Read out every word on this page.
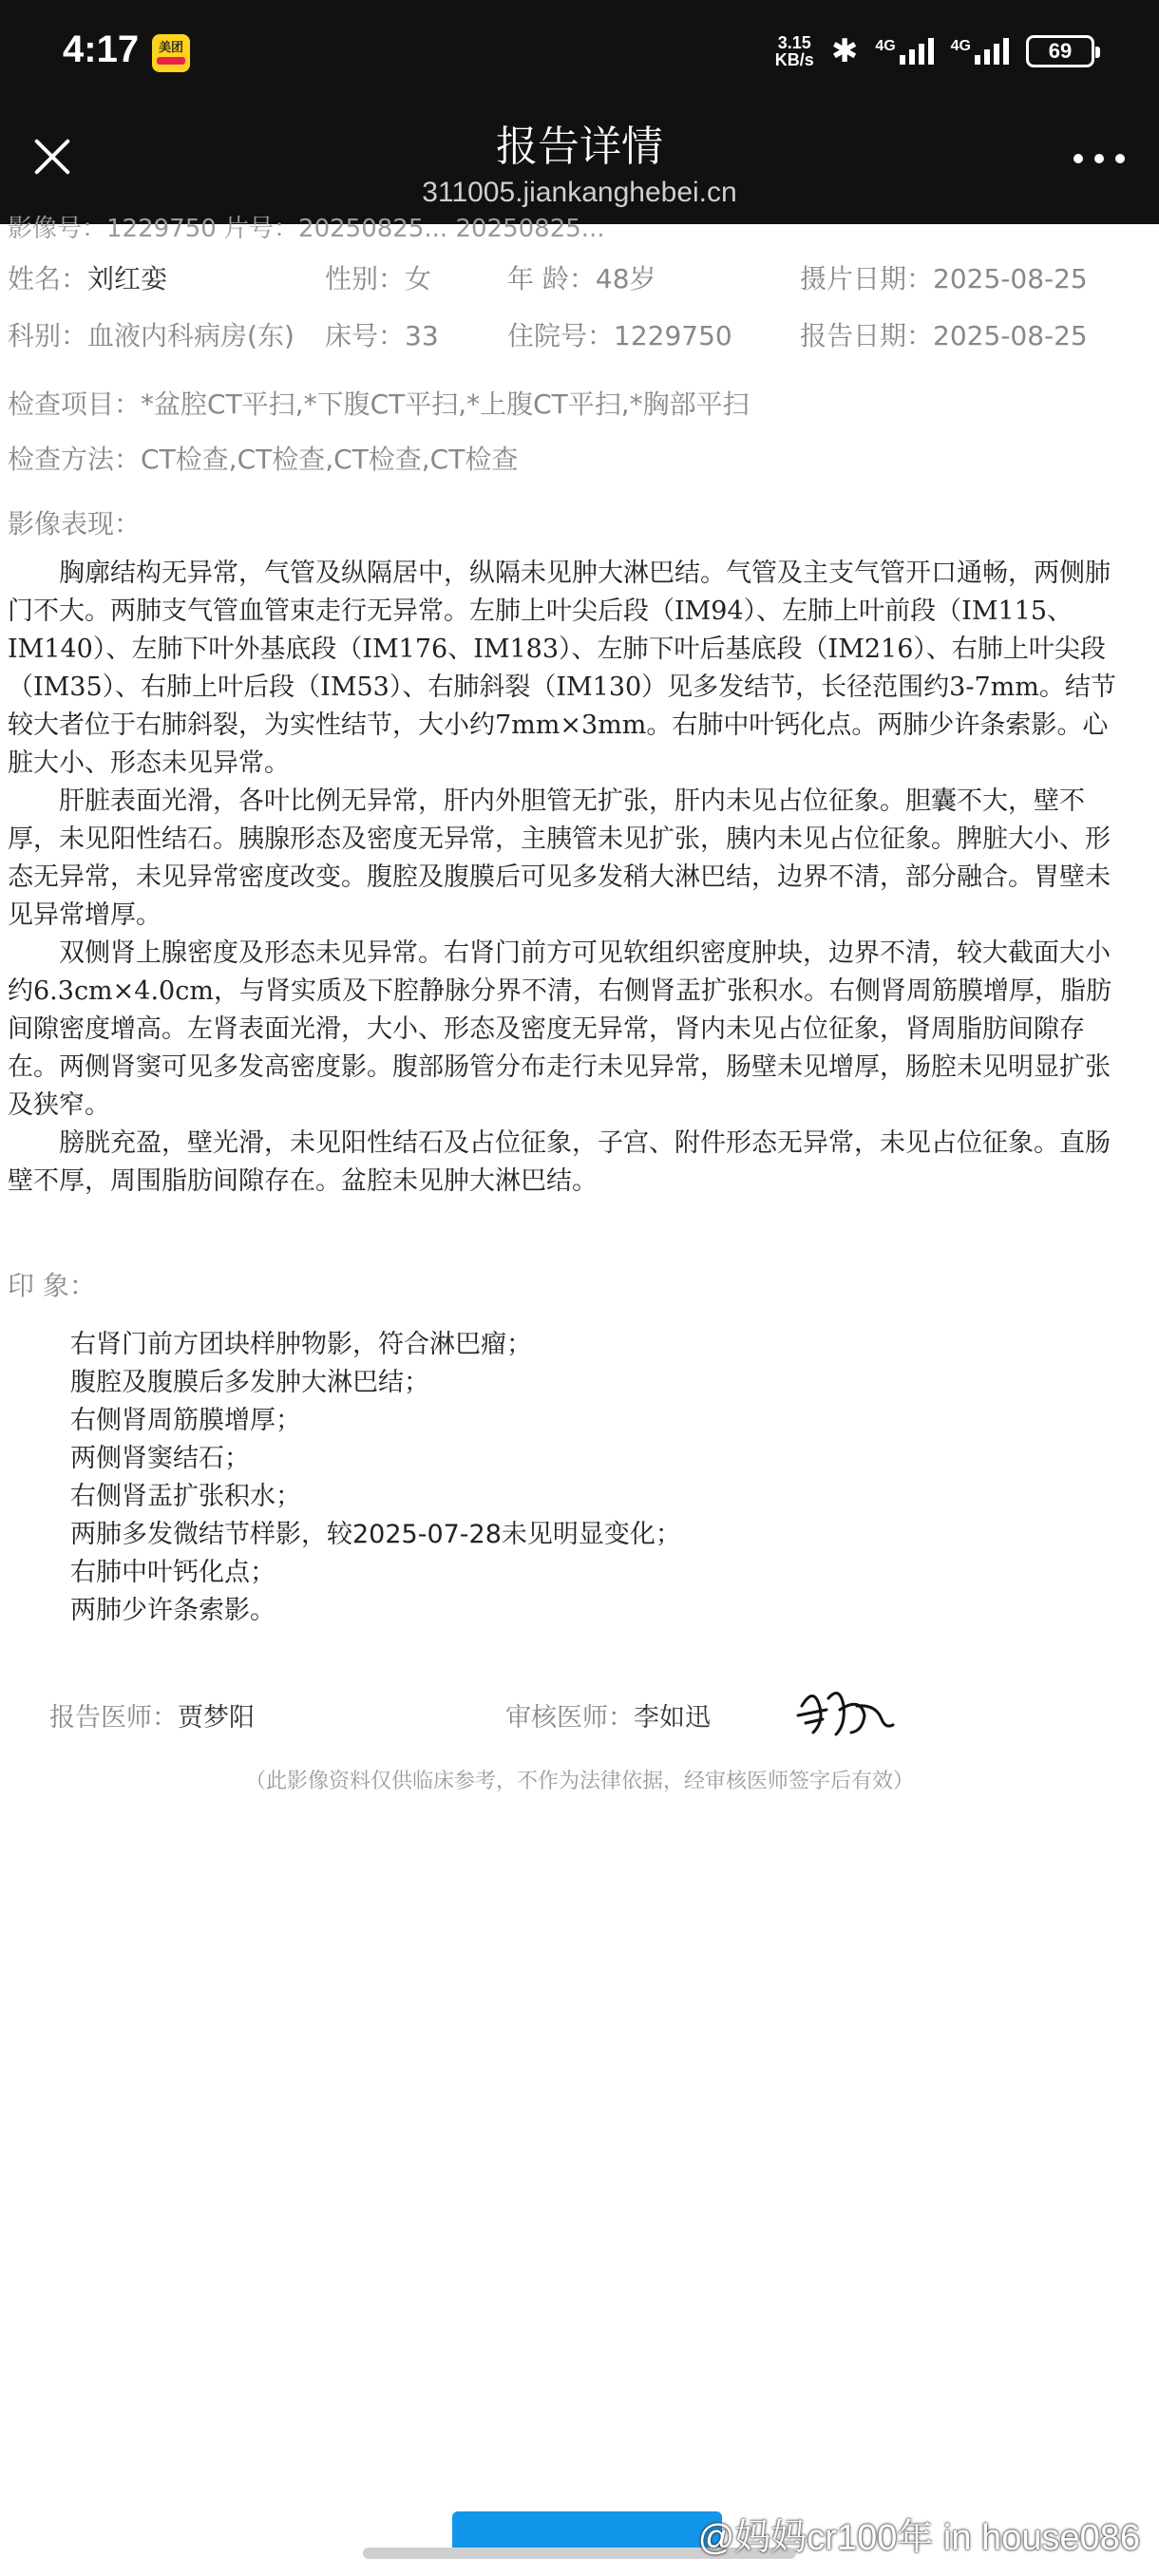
4:17 美团	3.15
KB/s ✱ 4G	4G	69
报告详情
311005.jiankanghebei.cn
影像号：1229750 片号：20250825... 20250825...
姓名：刘红娈	性别：女	年 龄：48岁	摄片日期：2025-08-25
科别：血液内科病房(东) 床号：33	住院号：1229750	报告日期：2025-08-25
检查项目：*盆腔CT平扫,*下腹CT平扫,*上腹CT平扫,*胸部平扫
检查方法：CT检查,CT检查,CT检查,CT检查
影像表现：

胸廓结构无异常，气管及纵隔居中，纵隔未见肿大淋巴结。气管及主支气管开口通畅，两侧肺门不大。两肺支气管血管束走行无异常。左肺上叶尖后段（IM94）、左肺上叶前段（IM115、IM140）、左肺下叶外基底段（IM176、IM183）、左肺下叶后基底段（IM216）、右肺上叶尖段（IM35）、右肺上叶后段（IM53）、右肺斜裂（IM130）见多发结节，长径范围约3-7mm。结节较大者位于右肺斜裂，为实性结节，大小约7mm×3mm。右肺中叶钙化点。两肺少许条索影。心脏大小、形态未见异常。

肝脏表面光滑，各叶比例无异常，肝内外胆管无扩张，肝内未见占位征象。胆囊不大，壁不厚，未见阳性结石。胰腺形态及密度无异常，主胰管未见扩张，胰内未见占位征象。脾脏大小、形态无异常，未见异常密度改变。腹腔及腹膜后可见多发稍大淋巴结，边界不清，部分融合。胃壁未见异常增厚。

双侧肾上腺密度及形态未见异常。右肾门前方可见软组织密度肿块，边界不清，较大截面大小约6.3cm×4.0cm，与肾实质及下腔静脉分界不清，右侧肾盂扩张积水。右侧肾周筋膜增厚，脂肪间隙密度增高。左肾表面光滑，大小、形态及密度无异常，肾内未见占位征象，肾周脂肪间隙存在。两侧肾窦可见多发高密度影。腹部肠管分布走行未见异常，肠壁未见增厚，肠腔未见明显扩张及狭窄。

膀胱充盈，壁光滑，未见阳性结石及占位征象，子宫、附件形态无异常，未见占位征象。直肠壁不厚，周围脂肪间隙存在。盆腔未见肿大淋巴结。

印 象：
右肾门前方团块样肿物影，符合淋巴瘤；
腹腔及腹膜后多发肿大淋巴结；
右侧肾周筋膜增厚；
两侧肾窦结石；
右侧肾盂扩张积水；
两肺多发微结节样影，较2025-07-28未见明显变化；
右肺中叶钙化点；
两肺少许条索影。
报告医师：贾梦阳	审核医师：李如迅
（此影像资料仅供临床参考，不作为法律依据，经审核医师签字后有效）
@妈妈cr100年 in house086
